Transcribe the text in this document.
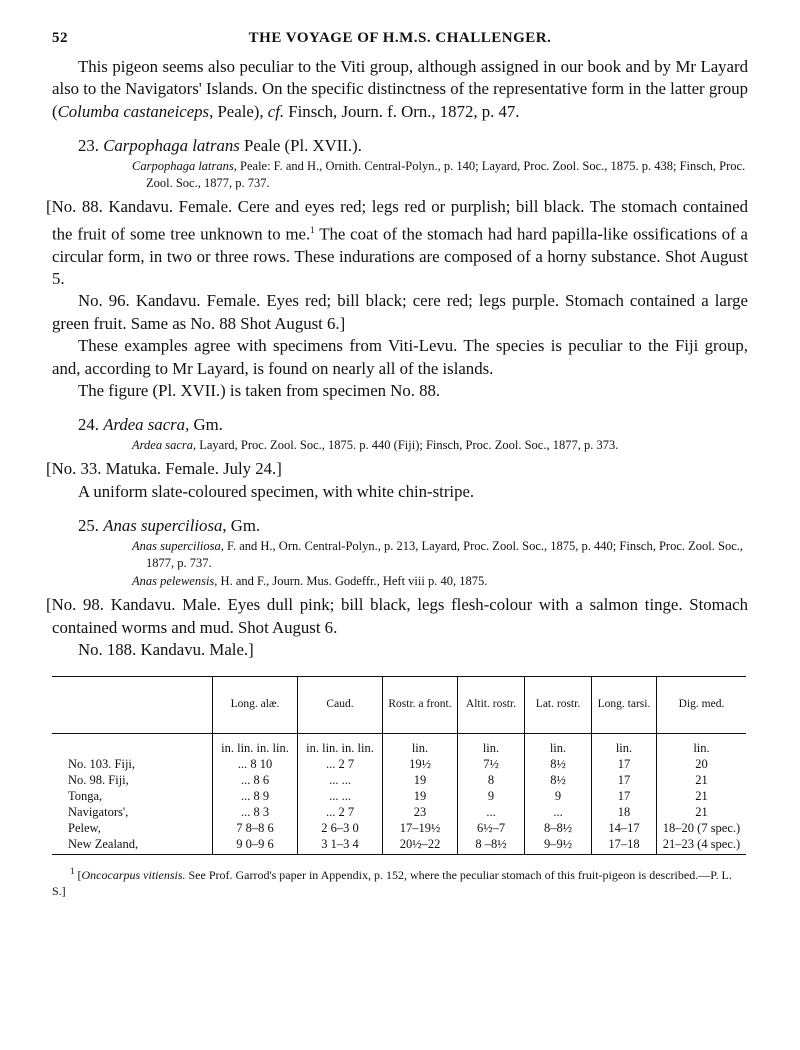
52	THE VOYAGE OF H.M.S. CHALLENGER.

This pigeon seems also peculiar to the Viti group, although assigned in our book and by Mr Layard also to the Navigators' Islands. On the specific distinctness of the representative form in the latter group (Columba castaneiceps, Peale), cf. Finsch, Journ. f. Orn., 1872, p. 47.

23. Carpophaga latrans Peale (Pl. XVII.).

Carpophaga latrans, Peale: F. and H., Ornith. Central-Polyn., p. 140; Layard, Proc. Zool. Soc., 1875. p. 438; Finsch, Proc. Zool. Soc., 1877, p. 737.

[No. 88. Kandavu. Female. Cere and eyes red; legs red or purplish; bill black. The stomach contained the fruit of some tree unknown to me.$^1$ The coat of the stomach had hard papilla-like ossifications of a circular form, in two or three rows. These indurations are composed of a horny substance. Shot August 5.

No. 96. Kandavu. Female. Eyes red; bill black; cere red; legs purple. Stomach contained a large green fruit. Same as No. 88 Shot August 6.]

These examples agree with specimens from Viti-Levu. The species is peculiar to the Fiji group, and, according to Mr Layard, is found on nearly all of the islands.

The figure (Pl. XVII.) is taken from specimen No. 88.

24. Ardea sacra, Gm.

Ardea sacra, Layard, Proc. Zool. Soc., 1875. p. 440 (Fiji); Finsch, Proc. Zool. Soc., 1877, p. 373.

[No. 33. Matuka. Female. July 24.]

A uniform slate-coloured specimen, with white chin-stripe.

25. Anas superciliosa, Gm.

Anas superciliosa, F. and H., Orn. Central-Polyn., p. 213, Layard, Proc. Zool. Soc., 1875, p. 440; Finsch, Proc. Zool. Soc., 1877, p. 737.

Anas pelewensis, H. and F., Journ. Mus. Godeffr., Heft viii p. 40, 1875.

[No. 98. Kandavu. Male. Eyes dull pink; bill black, legs flesh-colour with a salmon tinge. Stomach contained worms and mud. Shot August 6.

No. 188. Kandavu. Male.]

	Long. alæ.	Caud.	Rostr. a front.	Altit. rostr.	Lat. rostr.	Long. tarsi.	Dig. med.
	in. lin. in. lin.	in. lin. in. lin.	lin.	lin.	lin.	lin.	lin.
No. 103. Fiji,	... 8 10	... 2 7	19½	7½	8½	17	20
No. 98. Fiji,	... 8 6	... ...	19	8	8½	17	21
Tonga,	... 8 9	... ...	19	9	9	17	21
Navigators',	... 8 3	... 2 7	23	...	...	18	21
Pelew,	7 8–8 6	2 6–3 0	17–19½	6½–7	8–8½	14–17	18–20 (7 spec.)
New Zealand,	9 0–9 6	3 1–3 4	20½–22	8 –8½	9–9½	17–18	21–23 (4 spec.)

$^1$ [Oncocarpus vitiensis. See Prof. Garrod's paper in Appendix, p. 152, where the peculiar stomach of this fruit-pigeon is described.—P. L. S.]
